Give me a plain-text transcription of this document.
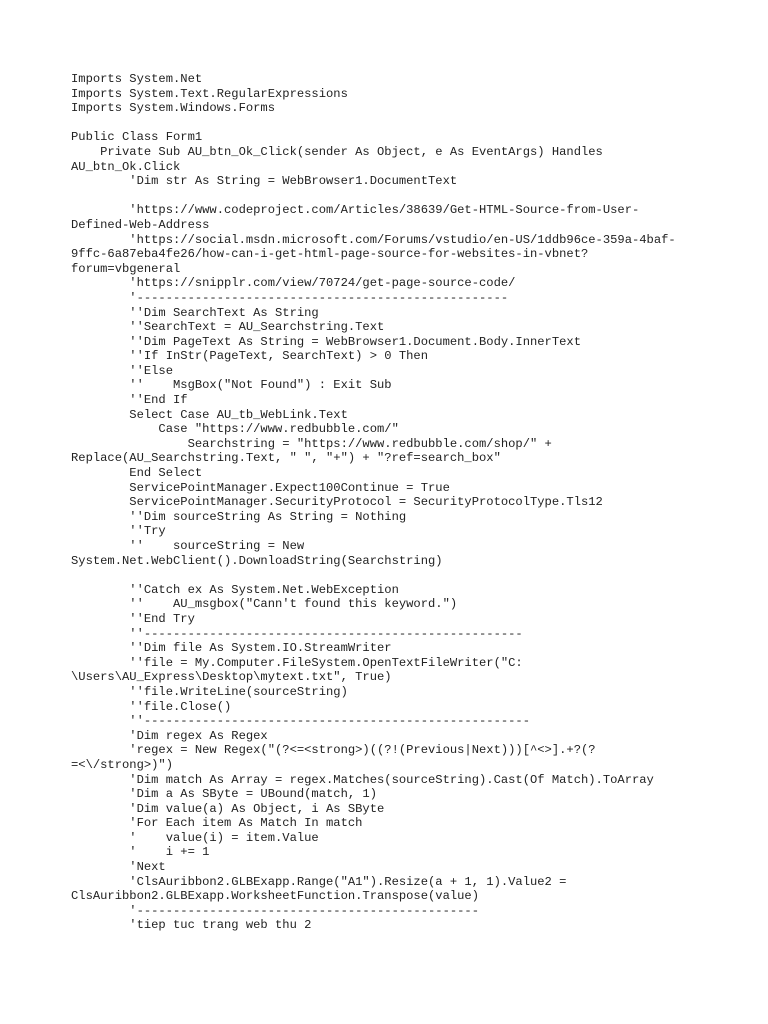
Imports System.Net
Imports System.Text.RegularExpressions
Imports System.Windows.Forms
Public Class Form1
Private Sub AU_btn_Ok_Click(sender As Object, e As EventArgs) Handles
AU_btn_Ok.Click
'Dim str As String = WebBrowser1.DocumentText
'https://www.codeproject.com/Articles/38639/Get-HTML-Source-from-User-
Defined-Web-Address
'https://social.msdn.microsoft.com/Forums/vstudio/en-US/1ddb96ce-359a-4baf-
9ffc-6a87eba4fe26/how-can-i-get-html-page-source-for-websites-in-vbnet?
forum=vbgeneral
'https://snipplr.com/view/70724/get-page-source-code/
'---------------------------------------------------
''Dim SearchText As String
''SearchText = AU_Searchstring.Text
''Dim PageText As String = WebBrowser1.Document.Body.InnerText
''If InStr(PageText, SearchText) > 0 Then
''Else
''    MsgBox("Not Found") : Exit Sub
''End If
Select Case AU_tb_WebLink.Text
Case "https://www.redbubble.com/"
Searchstring = "https://www.redbubble.com/shop/" +
Replace(AU_Searchstring.Text, " ", "+") + "?ref=search_box"
End Select
ServicePointManager.Expect100Continue = True
ServicePointManager.SecurityProtocol = SecurityProtocolType.Tls12
''Dim sourceString As String = Nothing
''Try
''    sourceString = New
System.Net.WebClient().DownloadString(Searchstring)
''Catch ex As System.Net.WebException
''    AU_msgbox("Cann't found this keyword.")
''End Try
''----------------------------------------------------
''Dim file As System.IO.StreamWriter
''file = My.Computer.FileSystem.OpenTextFileWriter("C:
\Users\AU_Express\Desktop\mytext.txt", True)
''file.WriteLine(sourceString)
''file.Close()
''-----------------------------------------------------
'Dim regex As Regex
'regex = New Regex("(?<=<strong>)((?!(Previous|Next)))[^<>].+?(?
=<\/strong>)")
'Dim match As Array = regex.Matches(sourceString).Cast(Of Match).ToArray
'Dim a As SByte = UBound(match, 1)
'Dim value(a) As Object, i As SByte
'For Each item As Match In match
'    value(i) = item.Value
'    i += 1
'Next
'ClsAuribbon2.GLBExapp.Range("A1").Resize(a + 1, 1).Value2 =
ClsAuribbon2.GLBExapp.WorksheetFunction.Transpose(value)
'-----------------------------------------------
'tiep tuc trang web thu 2
